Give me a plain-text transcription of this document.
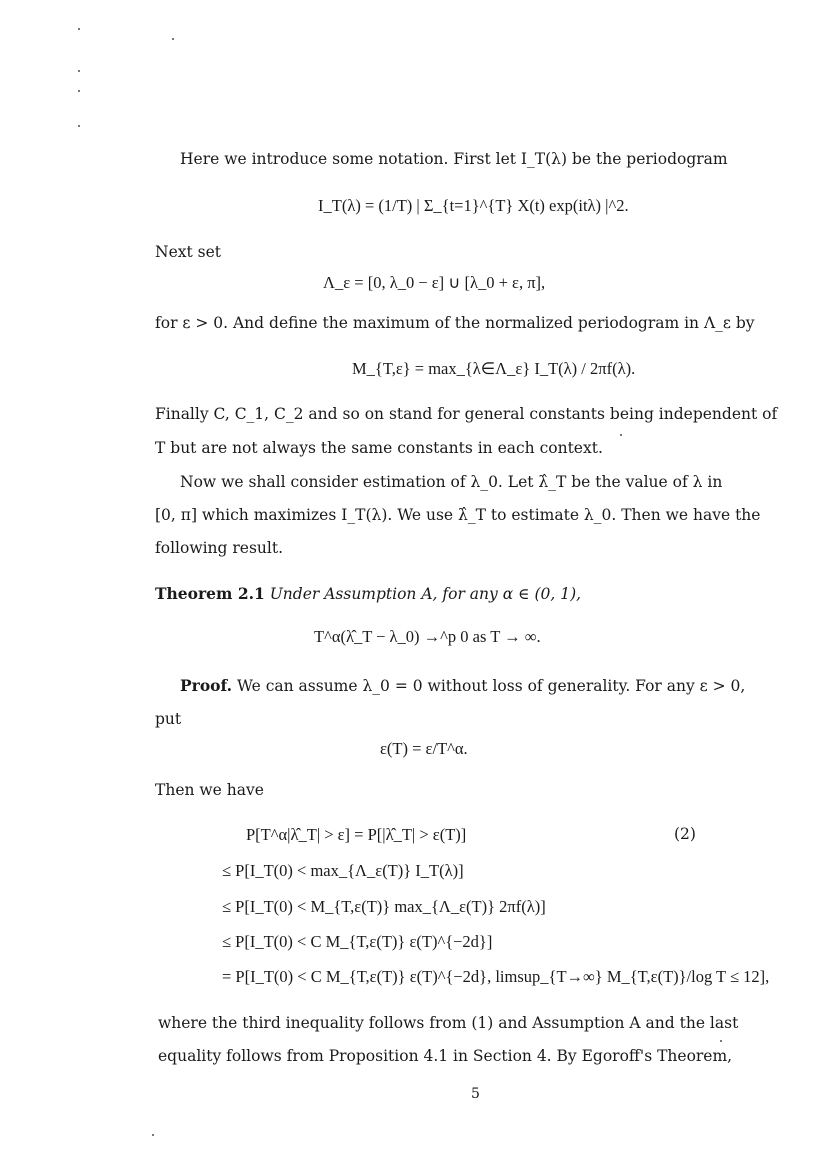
Here we introduce some notation. First let I_T(λ) be the periodogram
I_T(λ) = (1/T) | Σ_{t=1}^{T} X(t) exp(itλ) |^2.
Next set
Λ_ε = [0, λ_0 − ε] ∪ [λ_0 + ε, π],
for ε > 0. And define the maximum of the normalized periodogram in Λ_ε by
M_{T,ε} = max_{λ∈Λ_ε} I_T(λ) / 2πf(λ).
Finally C, C_1, C_2 and so on stand for general constants being independent of
T but are not always the same constants in each context.
Now we shall consider estimation of λ_0. Let λ̂_T be the value of λ in
[0, π] which maximizes I_T(λ). We use λ̂_T to estimate λ_0. Then we have the
following result.
Theorem 2.1 Under Assumption A, for any α ∈ (0, 1),
T^α(λ̂_T − λ_0) →^p 0 as T → ∞.
Proof. We can assume λ_0 = 0 without loss of generality. For any ε > 0,
put
ε(T) = ε/T^α.
Then we have
P[T^α|λ̂_T| > ε] = P[|λ̂_T| > ε(T)]	(2)
≤ P[I_T(0) < max_{Λ_ε(T)} I_T(λ)]
≤ P[I_T(0) < M_{T,ε(T)} max_{Λ_ε(T)} 2πf(λ)]
≤ P[I_T(0) < C M_{T,ε(T)} ε(T)^{−2d}]
= P[I_T(0) < C M_{T,ε(T)} ε(T)^{−2d}, limsup_{T→∞} M_{T,ε(T)}/log T ≤ 12],
where the third inequality follows from (1) and Assumption A and the last
equality follows from Proposition 4.1 in Section 4. By Egoroff's Theorem,
5
